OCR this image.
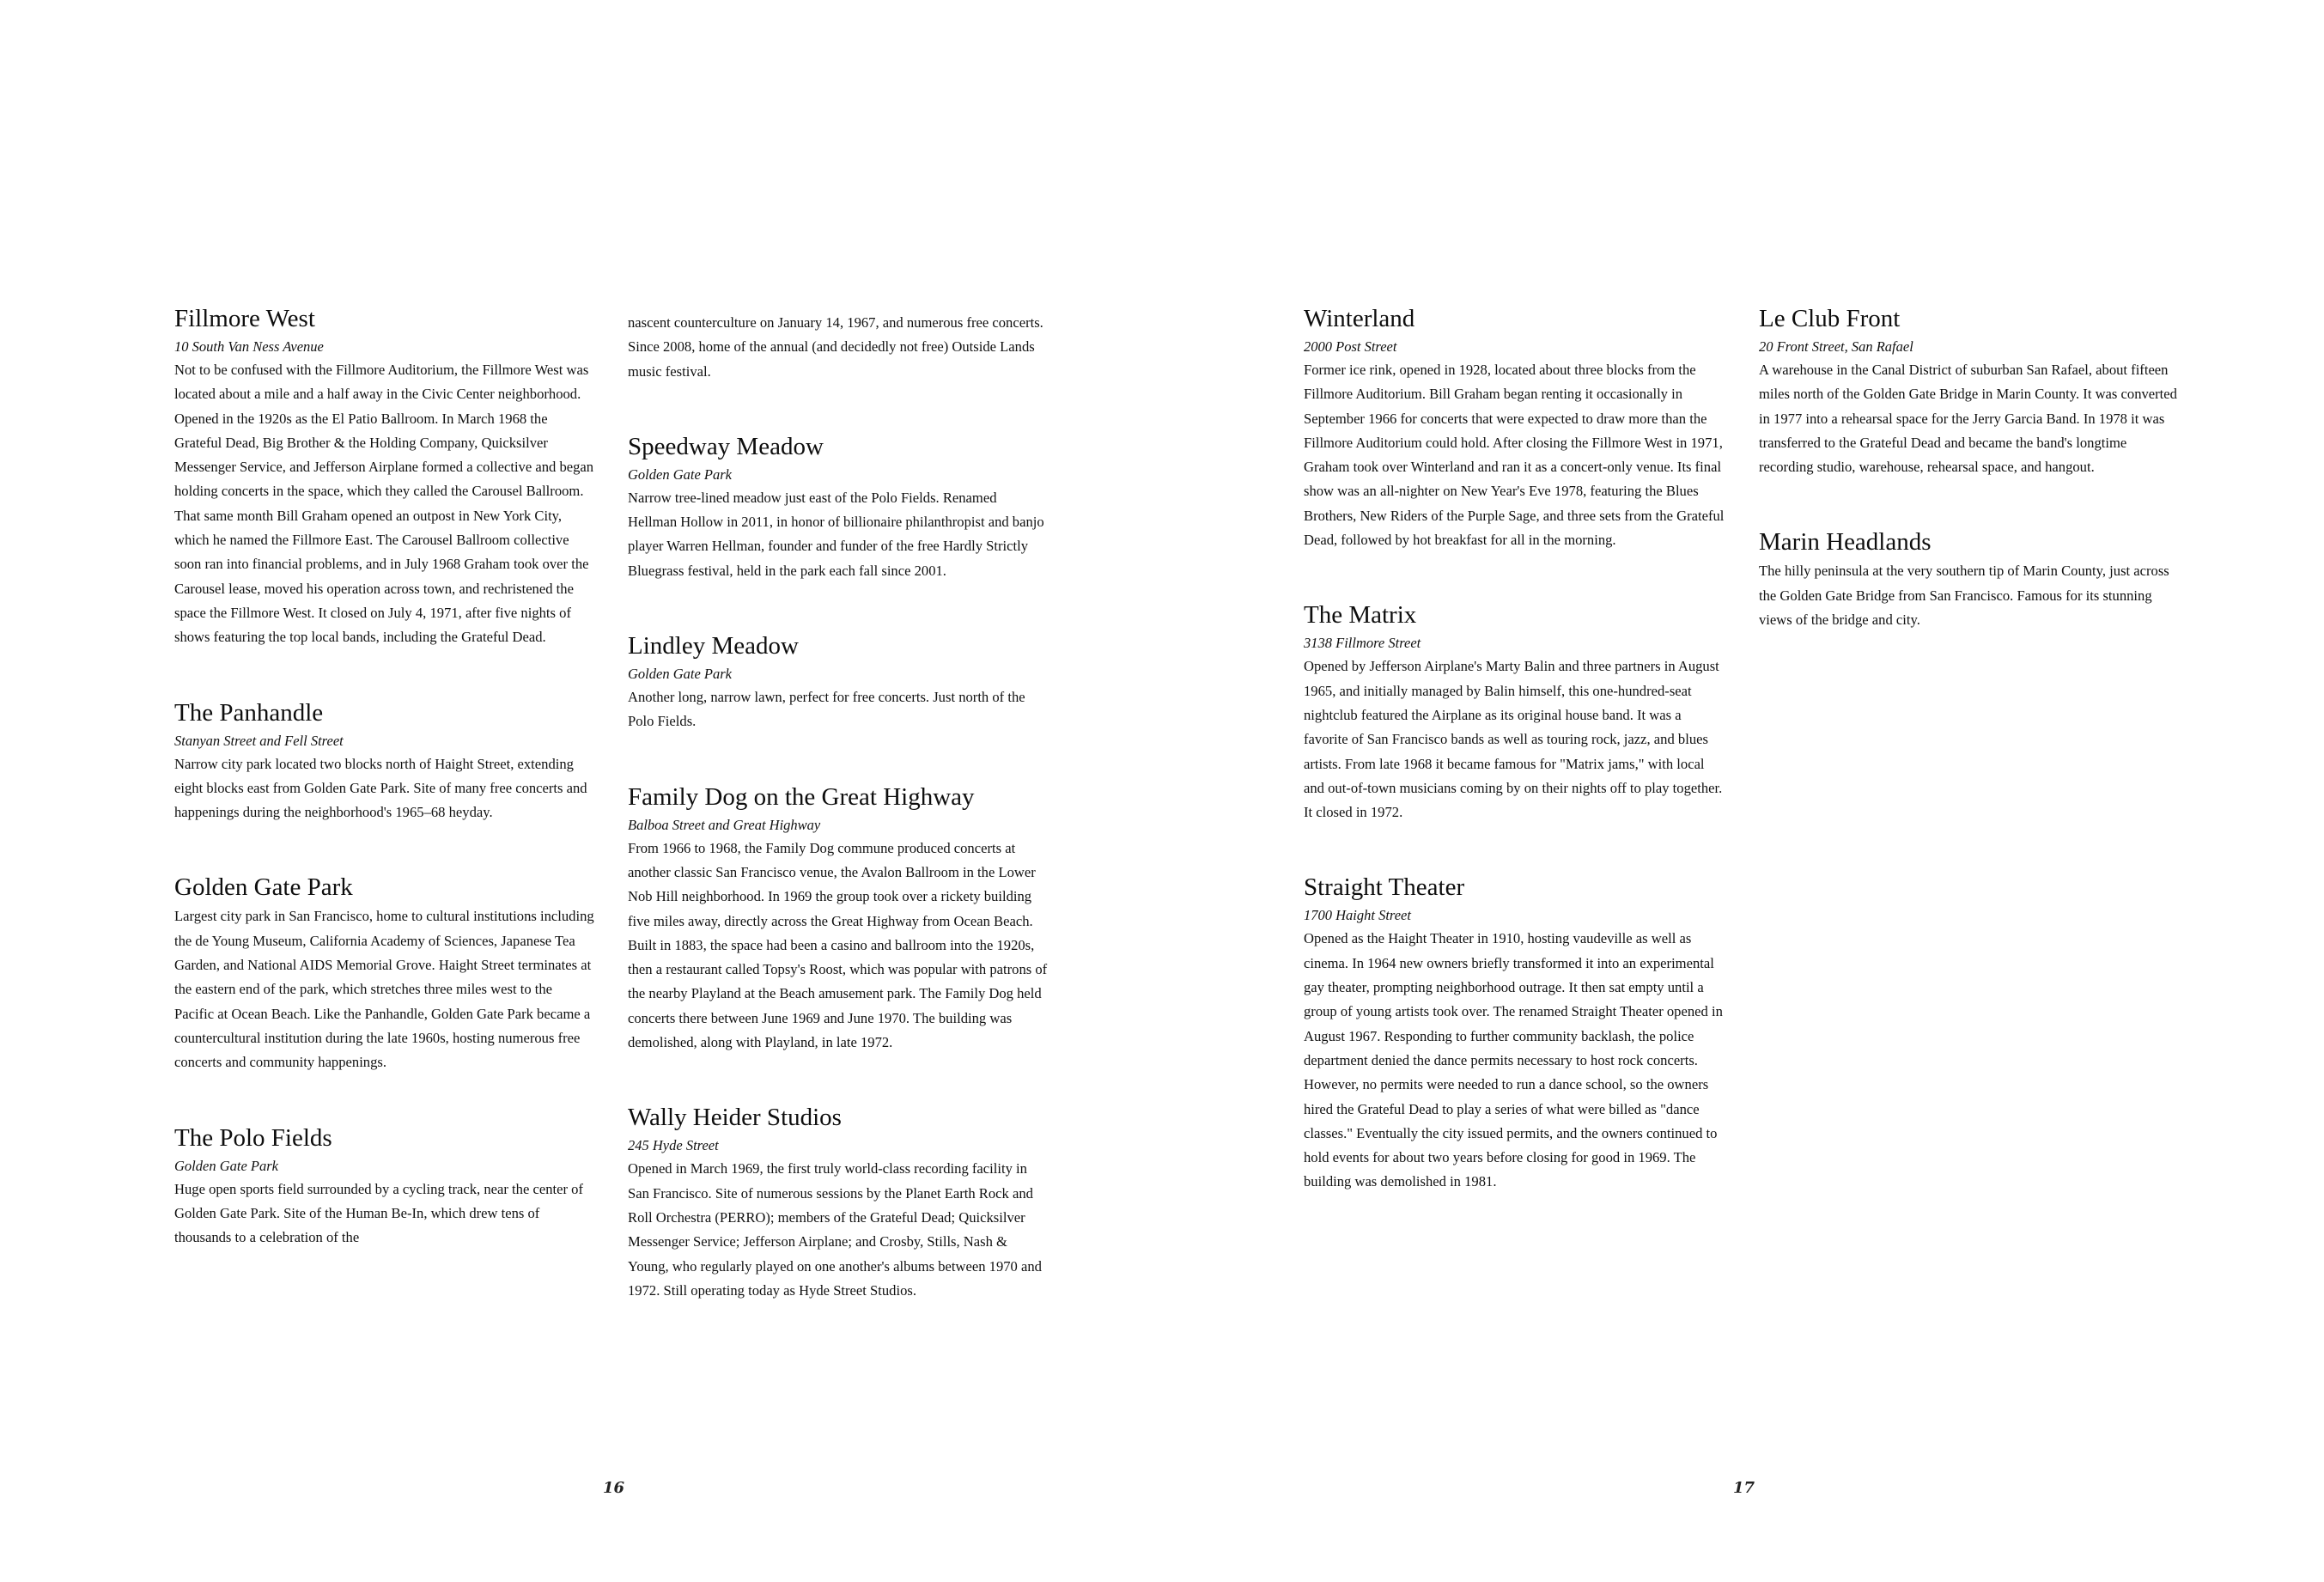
Fillmore West

10 South Van Ness Avenue

Not to be confused with the Fillmore Auditorium, the Fillmore West was located about a mile and a half away in the Civic Center neighborhood. Opened in the 1920s as the El Patio Ballroom. In March 1968 the Grateful Dead, Big Brother & the Holding Company, Quicksilver Messenger Service, and Jefferson Airplane formed a collective and began holding concerts in the space, which they called the Carousel Ballroom. That same month Bill Graham opened an outpost in New York City, which he named the Fillmore East. The Carousel Ballroom collective soon ran into financial problems, and in July 1968 Graham took over the Carousel lease, moved his operation across town, and rechristened the space the Fillmore West. It closed on July 4, 1971, after five nights of shows featuring the top local bands, including the Grateful Dead.

The Panhandle

Stanyan Street and Fell Street

Narrow city park located two blocks north of Haight Street, extending eight blocks east from Golden Gate Park. Site of many free concerts and happenings during the neighborhood's 1965–68 heyday.

Golden Gate Park

Largest city park in San Francisco, home to cultural institutions including the de Young Museum, California Academy of Sciences, Japanese Tea Garden, and National AIDS Memorial Grove. Haight Street terminates at the eastern end of the park, which stretches three miles west to the Pacific at Ocean Beach. Like the Panhandle, Golden Gate Park became a countercultural institution during the late 1960s, hosting numerous free concerts and community happenings.

The Polo Fields

Golden Gate Park

Huge open sports field surrounded by a cycling track, near the center of Golden Gate Park. Site of the Human Be-In, which drew tens of thousands to a celebration of the

nascent counterculture on January 14, 1967, and numerous free concerts. Since 2008, home of the annual (and decidedly not free) Outside Lands music festival.

Speedway Meadow

Golden Gate Park

Narrow tree-lined meadow just east of the Polo Fields. Renamed Hellman Hollow in 2011, in honor of billionaire philanthropist and banjo player Warren Hellman, founder and funder of the free Hardly Strictly Bluegrass festival, held in the park each fall since 2001.

Lindley Meadow

Golden Gate Park

Another long, narrow lawn, perfect for free concerts. Just north of the Polo Fields.

Family Dog on the Great Highway

Balboa Street and Great Highway

From 1966 to 1968, the Family Dog commune produced concerts at another classic San Francisco venue, the Avalon Ballroom in the Lower Nob Hill neighborhood. In 1969 the group took over a rickety building five miles away, directly across the Great Highway from Ocean Beach. Built in 1883, the space had been a casino and ballroom into the 1920s, then a restaurant called Topsy's Roost, which was popular with patrons of the nearby Playland at the Beach amusement park. The Family Dog held concerts there between June 1969 and June 1970. The building was demolished, along with Playland, in late 1972.

Wally Heider Studios

245 Hyde Street

Opened in March 1969, the first truly world-class recording facility in San Francisco. Site of numerous sessions by the Planet Earth Rock and Roll Orchestra (PERRO); members of the Grateful Dead; Quicksilver Messenger Service; Jefferson Airplane; and Crosby, Stills, Nash & Young, who regularly played on one another's albums between 1970 and 1972. Still operating today as Hyde Street Studios.

16
Winterland

2000 Post Street

Former ice rink, opened in 1928, located about three blocks from the Fillmore Auditorium. Bill Graham began renting it occasionally in September 1966 for concerts that were expected to draw more than the Fillmore Auditorium could hold. After closing the Fillmore West in 1971, Graham took over Winterland and ran it as a concert-only venue. Its final show was an all-nighter on New Year's Eve 1978, featuring the Blues Brothers, New Riders of the Purple Sage, and three sets from the Grateful Dead, followed by hot breakfast for all in the morning.

The Matrix

3138 Fillmore Street

Opened by Jefferson Airplane's Marty Balin and three partners in August 1965, and initially managed by Balin himself, this one-hundred-seat nightclub featured the Airplane as its original house band. It was a favorite of San Francisco bands as well as touring rock, jazz, and blues artists. From late 1968 it became famous for "Matrix jams," with local and out-of-town musicians coming by on their nights off to play together. It closed in 1972.

Straight Theater

1700 Haight Street

Opened as the Haight Theater in 1910, hosting vaudeville as well as cinema. In 1964 new owners briefly transformed it into an experimental gay theater, prompting neighborhood outrage. It then sat empty until a group of young artists took over. The renamed Straight Theater opened in August 1967. Responding to further community backlash, the police department denied the dance permits necessary to host rock concerts. However, no permits were needed to run a dance school, so the owners hired the Grateful Dead to play a series of what were billed as "dance classes." Eventually the city issued permits, and the owners continued to hold events for about two years before closing for good in 1969. The building was demolished in 1981.

Le Club Front

20 Front Street, San Rafael

A warehouse in the Canal District of suburban San Rafael, about fifteen miles north of the Golden Gate Bridge in Marin County. It was converted in 1977 into a rehearsal space for the Jerry Garcia Band. In 1978 it was transferred to the Grateful Dead and became the band's longtime recording studio, warehouse, rehearsal space, and hangout.

Marin Headlands

The hilly peninsula at the very southern tip of Marin County, just across the Golden Gate Bridge from San Francisco. Famous for its stunning views of the bridge and city.

17
